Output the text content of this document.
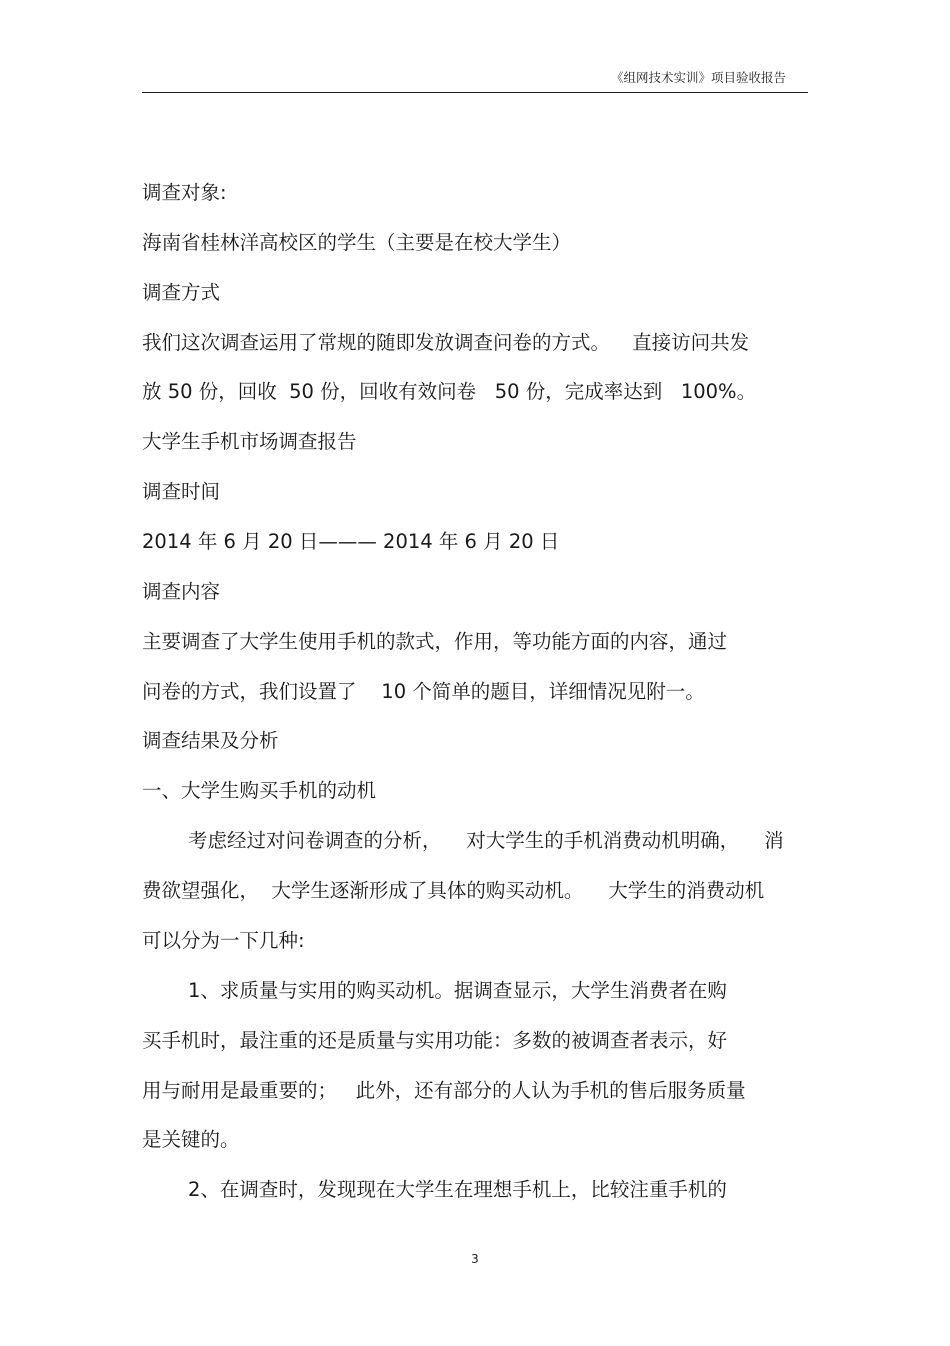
《组网技术实训》项目验收报告
调查对象:
海南省桂林洋高校区的学生（主要是在校大学生）
调查方式
我们这次调查运用了常规的随即发放调查问卷的方式。　  直接访问共发
放 50 份，回收  50 份，回收有效问卷   50 份，完成率达到   100%。
大学生手机市场调查报告
调查时间
2014 年 6 月 20 日——— 2014 年 6 月 20 日
调查内容
主要调查了大学生使用手机的款式，作用，等功能方面的内容，通过
问卷的方式，我们设置了    10 个简单的题目，详细情况见附一。
调查结果及分析
一、大学生购买手机的动机
考虑经过对问卷调查的分析，    对大学生的手机消费动机明确，    消
费欲望强化，  大学生逐渐形成了具体的购买动机。    大学生的消费动机
可以分为一下几种:
1、求质量与实用的购买动机。据调查显示，大学生消费者在购
买手机时，最注重的还是质量与实用功能：多数的被调查者表示，好
用与耐用是最重要的；   此外，还有部分的人认为手机的售后服务质量
是关键的。
2、在调查时，发现现在大学生在理想手机上，比较注重手机的
3
